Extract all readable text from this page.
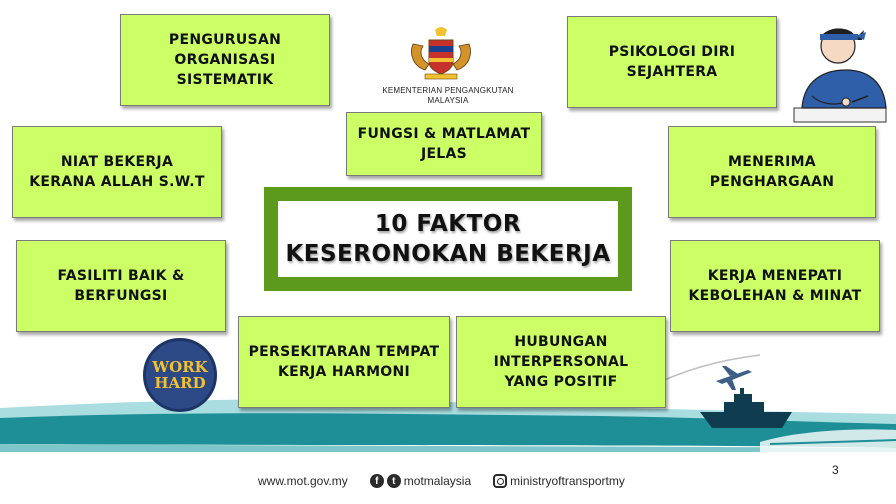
KEMENTERIAN PENGANGKUTAN
MALAYSIA
PENGURUSAN
ORGANISASI
SISTEMATIK
FUNGSI & MATLAMAT
JELAS
PSIKOLOGI DIRI
SEJAHTERA
NIAT BEKERJA
KERANA ALLAH S.W.T
MENERIMA
PENGHARGAAN
FASILITI BAIK &
BERFUNGSI
KERJA MENEPATI
KEBOLEHAN & MINAT
PERSEKITARAN TEMPAT
KERJA HARMONI
HUBUNGAN
INTERPERSONAL
YANG POSITIF
10 FAKTOR
KESERONOKAN BEKERJA
WORK
HARD
3
www.mot.gov.my	f	t motmalaysia	ministryoftransportmy
